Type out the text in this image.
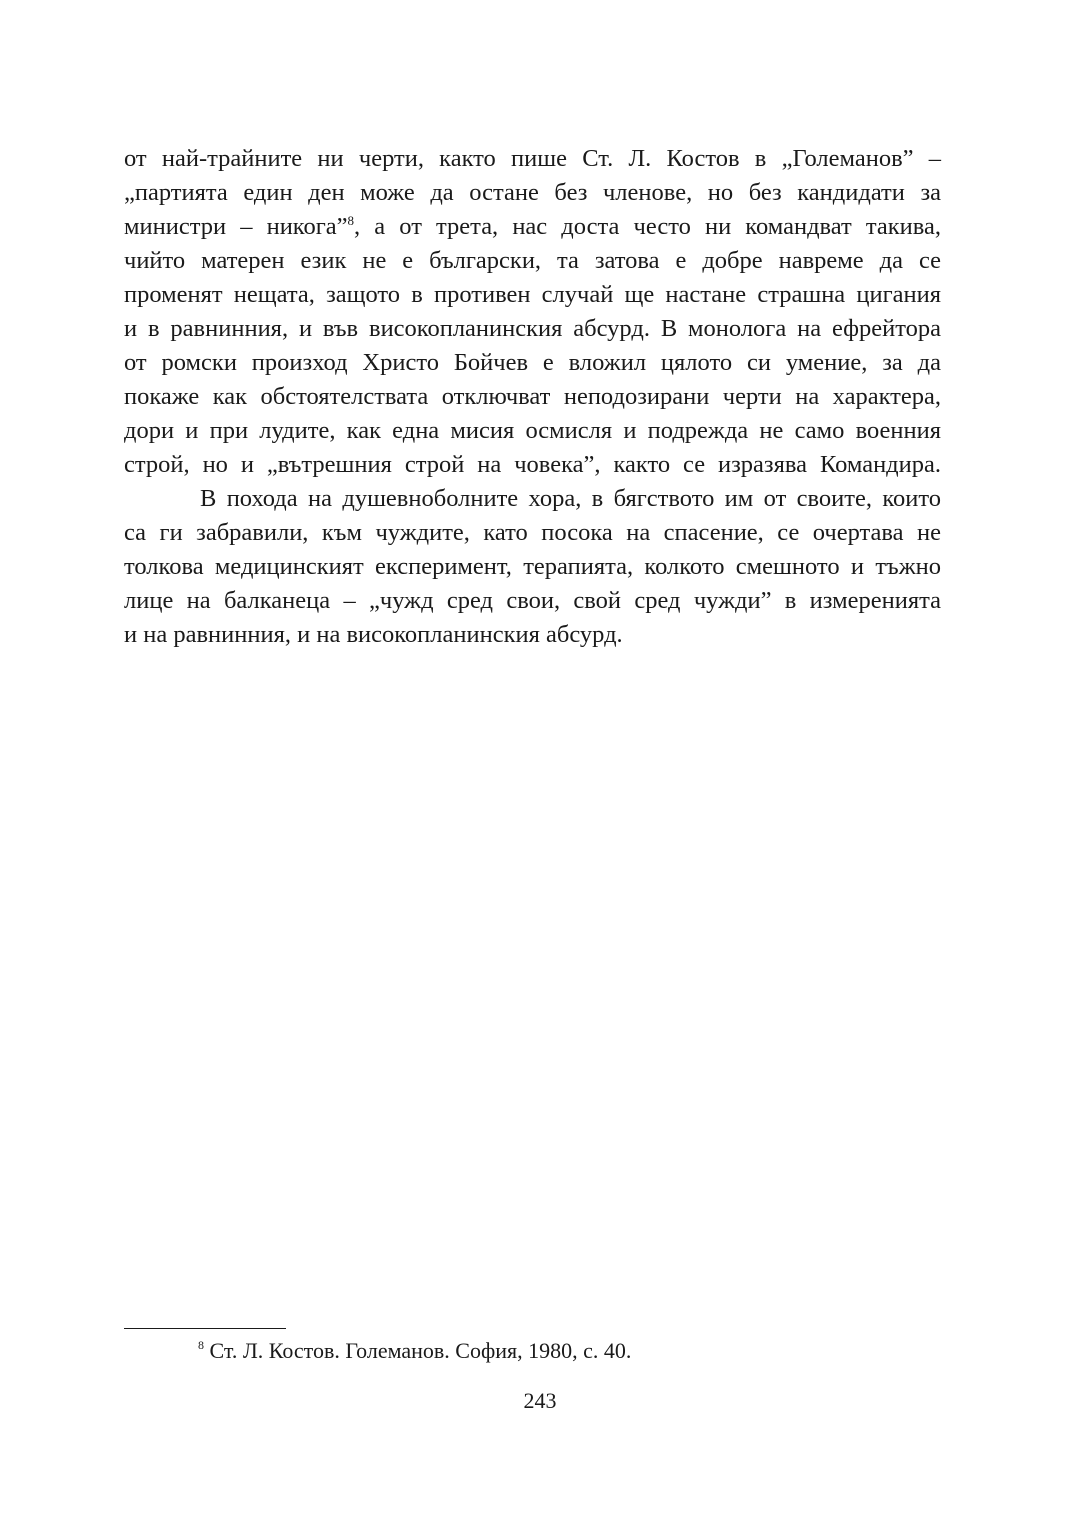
от най-трайните ни черти, както пише Ст. Л. Костов в „Големанов” –
„партията един ден може да остане без членове, но без кандидати за
министри – никога”$^8$, а от трета, нас доста често ни командват такива,
чийто матерен език не е български, та затова е добре навреме да се
променят нещата, защото в противен случай ще настане страшна цигания
и в равнинния, и във високопланинския абсурд. В монолога на ефрейтора
от ромски произход Христо Бойчев е вложил цялото си умение, за да
покаже как обстоятелствата отключват неподозирани черти на характера,
дори и при лудите, как една мисия осмисля и подрежда не само военния
строй, но и „вътрешния строй на човека”, както се изразява Командира.
В похода на душевноболните хора, в бягството им от своите, които
са ги забравили, към чуждите, като посока на спасение, се очертава не
толкова медицинският експеримент, терапията, колкото смешното и тъжно
лице на балканеца – „чужд сред свои, свой сред чужди” в измеренията
и на равнинния, и на високопланинския абсурд.
$^8$ Ст. Л. Костов. Големанов. София, 1980, с. 40.
243
